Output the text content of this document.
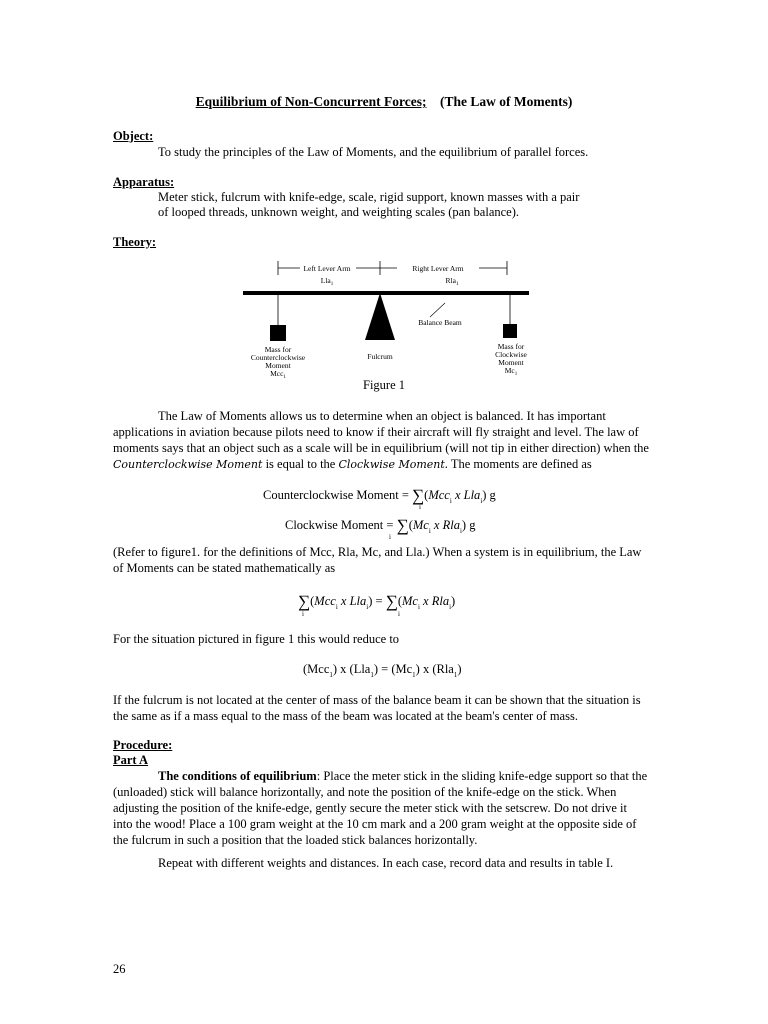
Equilibrium of Non-Concurrent Forces; (The Law of Moments)
Object:
To study the principles of the Law of Moments, and the equilibrium of parallel forces.
Apparatus:
Meter stick, fulcrum with knife-edge, scale, rigid support, known masses with a pair
of looped threads, unknown weight, and weighting scales (pan balance).
Theory:
Left Lever Arm
Lla$_1$
Right Lever Arm
Rla$_1$
Balance Beam
Mass for
Counterclockwise
Moment
Mcc$_1$
Fulcrum
Mass for
Clockwise
Moment
$Mc_1$
Figure 1

The Law of Moments allows us to determine when an object is balanced. It has important

applications in aviation because pilots need to know if their aircraft will fly straight and level. The law of

moments says that an object such as a scale will be in equilibrium (will not tip in either direction) when the

Counterclockwise Moment is equal to the Clockwise Moment. The moments are defined as

Counterclockwise Moment = ∑(Mcc$_i$ x Lla$_i$) g
i
Clockwise Moment = $\sum(Mc_i$ x Rla$_i$) g
i

(Refer to figure1. for the definitions of Mcc, Rla, Mc, and Lla.) When a system is in equilibrium, the Law

of Moments can be stated mathematically as

∑(Mcc$_i$ x $Lla_i) = \sum(Mc_i$ x Rla$_i$)
i	i
For the situation pictured in figure 1 this would reduce to
(Mcc$_1$) x $(Lla_1) = (Mc_1)$ x (Rla$_1$)

If the fulcrum is not located at the center of mass of the balance beam it can be shown that the situation is

the same as if a mass equal to the mass of the beam was located at the beam's center of mass.

Procedure:
Part A

The conditions of equilibrium: Place the meter stick in the sliding knife-edge support so that the

(unloaded) stick will balance horizontally, and note the position of the knife-edge on the stick. When

adjusting the position of the knife-edge, gently secure the meter stick with the setscrew. Do not drive it

into the wood! Place a 100 gram weight at the 10 cm mark and a 200 gram weight at the opposite side of

the fulcrum in such a position that the loaded stick balances horizontally.

Repeat with different weights and distances. In each case, record data and results in table I.
26
